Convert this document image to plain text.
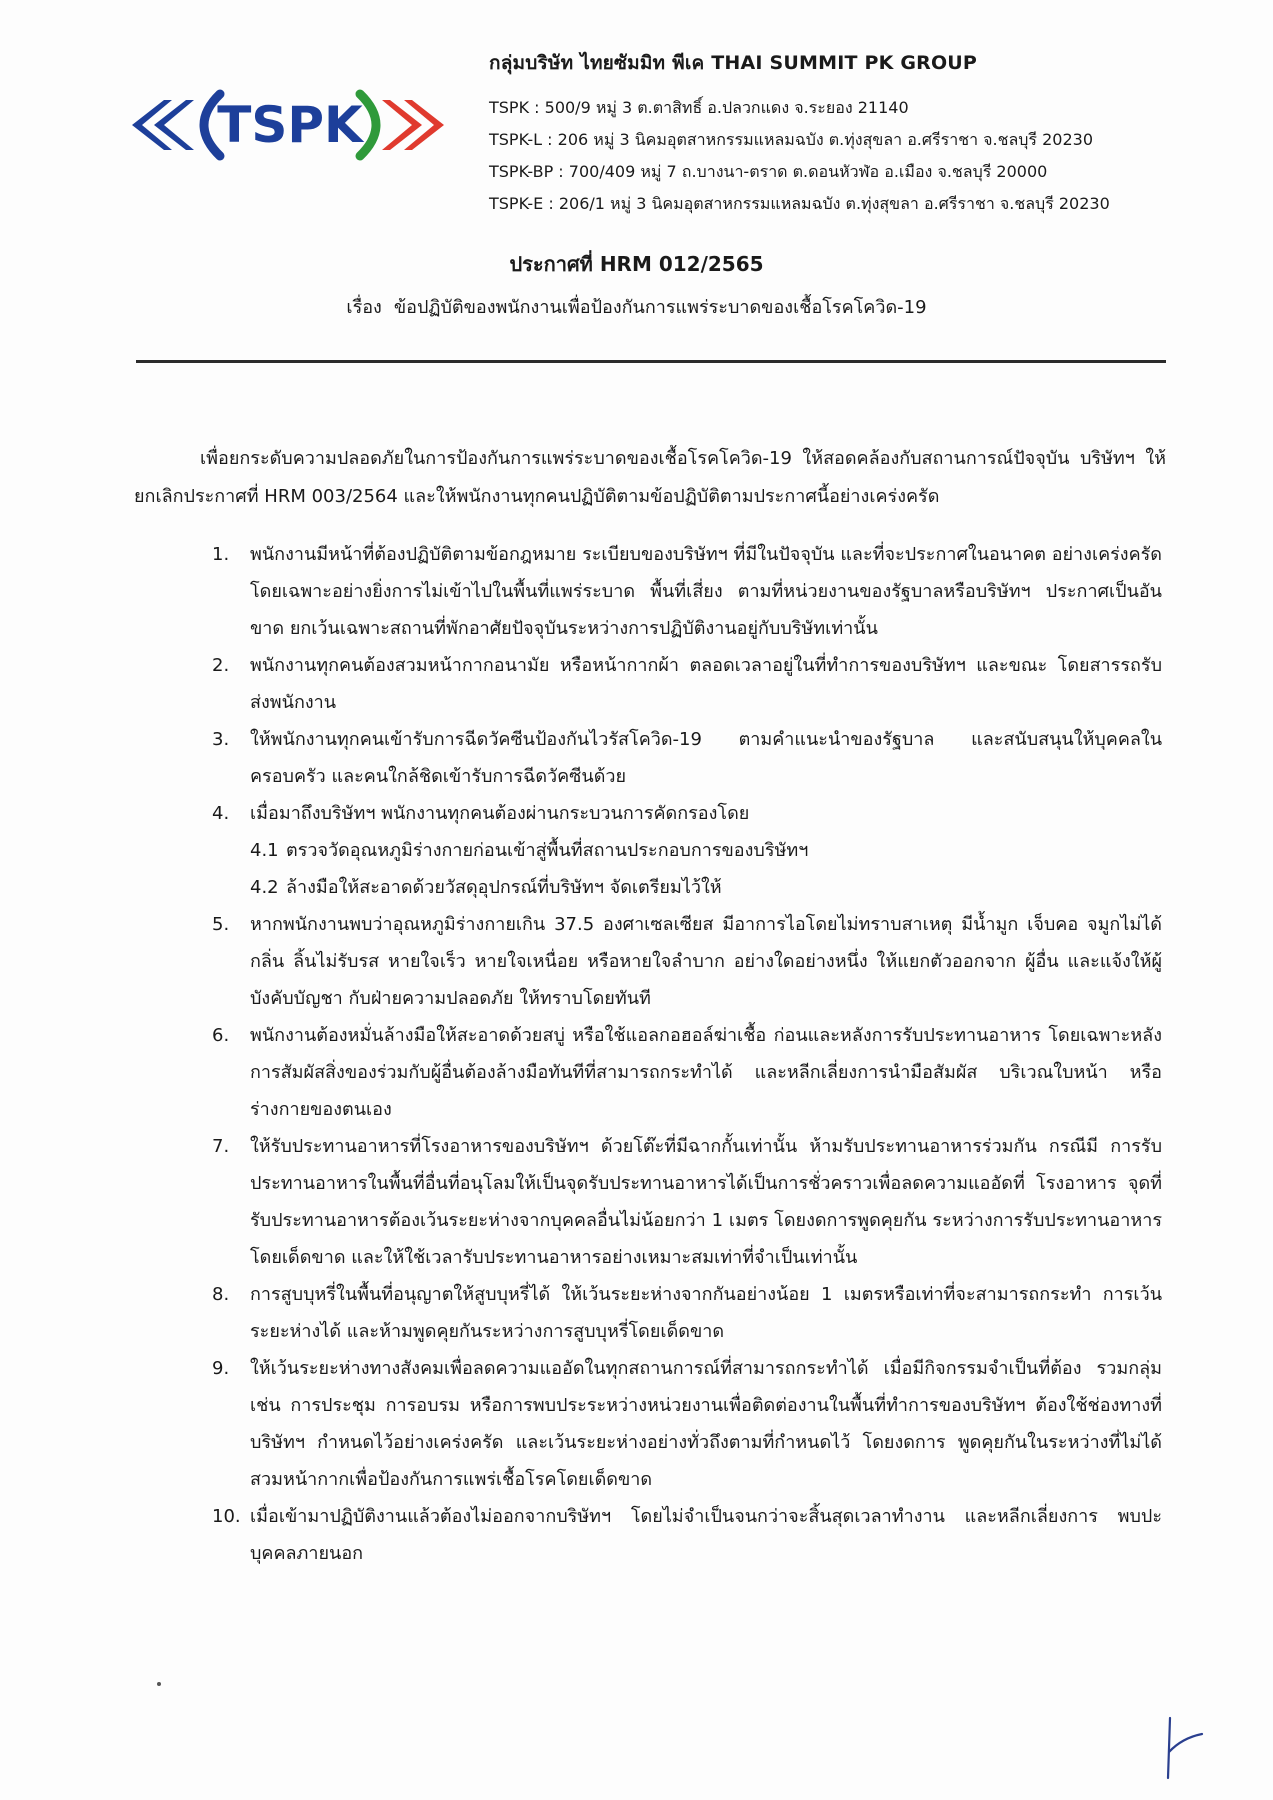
TSPK

กลุ่มบริษัท ไทยซัมมิท พีเค THAI SUMMIT PK GROUP

TSPK : 500/9 หมู่ 3 ต.ตาสิทธิ์ อ.ปลวกแดง จ.ระยอง 21140

TSPK-L : 206 หมู่ 3 นิคมอุตสาหกรรมแหลมฉบัง ต.ทุ่งสุขลา อ.ศรีราชา จ.ชลบุรี 20230

TSPK-BP : 700/409 หมู่ 7 ถ.บางนา-ตราด ต.ดอนหัวฬ่อ อ.เมือง จ.ชลบุรี 20000

TSPK-E : 206/1 หมู่ 3 นิคมอุตสาหกรรมแหลมฉบัง ต.ทุ่งสุขลา อ.ศรีราชา จ.ชลบุรี 20230

ประกาศที่ HRM 012/2565
เรื่อง ข้อปฏิบัติของพนักงานเพื่อป้องกันการแพร่ระบาดของเชื้อโรคโควิด-19

เพื่อยกระดับความปลอดภัยในการป้องกันการแพร่ระบาดของเชื้อโรคโควิด-19 ให้สอดคล้องกับสถานการณ์ปัจจุบัน บริษัทฯ ให้ยกเลิกประกาศที่ HRM 003/2564 และให้พนักงานทุกคนปฏิบัติตามข้อปฏิบัติตามประกาศนี้อย่างเคร่งครัด

1.	พนักงานมีหน้าที่ต้องปฏิบัติตามข้อกฎหมาย ระเบียบของบริษัทฯ ที่มีในปัจจุบัน และที่จะประกาศในอนาคต อย่างเคร่งครัด โดยเฉพาะอย่างยิ่งการไม่เข้าไปในพื้นที่แพร่ระบาด พื้นที่เสี่ยง ตามที่หน่วยงานของรัฐบาลหรือบริษัทฯ ประกาศเป็นอันขาด ยกเว้นเฉพาะสถานที่พักอาศัยปัจจุบันระหว่างการปฏิบัติงานอยู่กับบริษัทเท่านั้น
2.	พนักงานทุกคนต้องสวมหน้ากากอนามัย หรือหน้ากากผ้า ตลอดเวลาอยู่ในที่ทำการของบริษัทฯ และขณะ โดยสารรถรับส่งพนักงาน
3.	ให้พนักงานทุกคนเข้ารับการฉีดวัคซีนป้องกันไวรัสโควิด-19 ตามคำแนะนำของรัฐบาล และสนับสนุนให้บุคคลใน ครอบครัว และคนใกล้ชิดเข้ารับการฉีดวัคซีนด้วย
4.	เมื่อมาถึงบริษัทฯ พนักงานทุกคนต้องผ่านกระบวนการคัดกรองโดย

4.1 ตรวจวัดอุณหภูมิร่างกายก่อนเข้าสู่พื้นที่สถานประกอบการของบริษัทฯ

4.2 ล้างมือให้สะอาดด้วยวัสดุอุปกรณ์ที่บริษัทฯ จัดเตรียมไว้ให้

5.	หากพนักงานพบว่าอุณหภูมิร่างกายเกิน 37.5 องศาเซลเซียส มีอาการไอโดยไม่ทราบสาเหตุ มีน้ำมูก เจ็บคอ จมูกไม่ได้กลิ่น ลิ้นไม่รับรส หายใจเร็ว หายใจเหนื่อย หรือหายใจลำบาก อย่างใดอย่างหนึ่ง ให้แยกตัวออกจาก ผู้อื่น และแจ้งให้ผู้บังคับบัญชา กับฝ่ายความปลอดภัย ให้ทราบโดยทันที
6.	พนักงานต้องหมั่นล้างมือให้สะอาดด้วยสบู่ หรือใช้แอลกอฮอล์ฆ่าเชื้อ ก่อนและหลังการรับประทานอาหาร โดยเฉพาะหลังการสัมผัสสิ่งของร่วมกับผู้อื่นต้องล้างมือทันทีที่สามารถกระทำได้ และหลีกเลี่ยงการนำมือสัมผัส บริเวณใบหน้า หรือร่างกายของตนเอง
7.	ให้รับประทานอาหารที่โรงอาหารของบริษัทฯ ด้วยโต๊ะที่มีฉากกั้นเท่านั้น ห้ามรับประทานอาหารร่วมกัน กรณีมี การรับประทานอาหารในพื้นที่อื่นที่อนุโลมให้เป็นจุดรับประทานอาหารได้เป็นการชั่วคราวเพื่อลดความแออัดที่ โรงอาหาร จุดที่รับประทานอาหารต้องเว้นระยะห่างจากบุคคลอื่นไม่น้อยกว่า 1 เมตร โดยงดการพูดคุยกัน ระหว่างการรับประทานอาหารโดยเด็ดขาด และให้ใช้เวลารับประทานอาหารอย่างเหมาะสมเท่าที่จำเป็นเท่านั้น
8.	การสูบบุหรี่ในพื้นที่อนุญาตให้สูบบุหรี่ได้ ให้เว้นระยะห่างจากกันอย่างน้อย 1 เมตรหรือเท่าที่จะสามารถกระทำ การเว้นระยะห่างได้ และห้ามพูดคุยกันระหว่างการสูบบุหรี่โดยเด็ดขาด
9.	ให้เว้นระยะห่างทางสังคมเพื่อลดความแออัดในทุกสถานการณ์ที่สามารถกระทำได้ เมื่อมีกิจกรรมจำเป็นที่ต้อง รวมกลุ่ม เช่น การประชุม การอบรม หรือการพบประระหว่างหน่วยงานเพื่อติดต่องานในพื้นที่ทำการของบริษัทฯ ต้องใช้ช่องทางที่บริษัทฯ กำหนดไว้อย่างเคร่งครัด และเว้นระยะห่างอย่างทั่วถึงตามที่กำหนดไว้ โดยงดการ พูดคุยกันในระหว่างที่ไม่ได้สวมหน้ากากเพื่อป้องกันการแพร่เชื้อโรคโดยเด็ดขาด
10. เมื่อเข้ามาปฏิบัติงานแล้วต้องไม่ออกจากบริษัทฯ โดยไม่จำเป็นจนกว่าจะสิ้นสุดเวลาทำงาน และหลีกเลี่ยงการ พบปะบุคคลภายนอก
